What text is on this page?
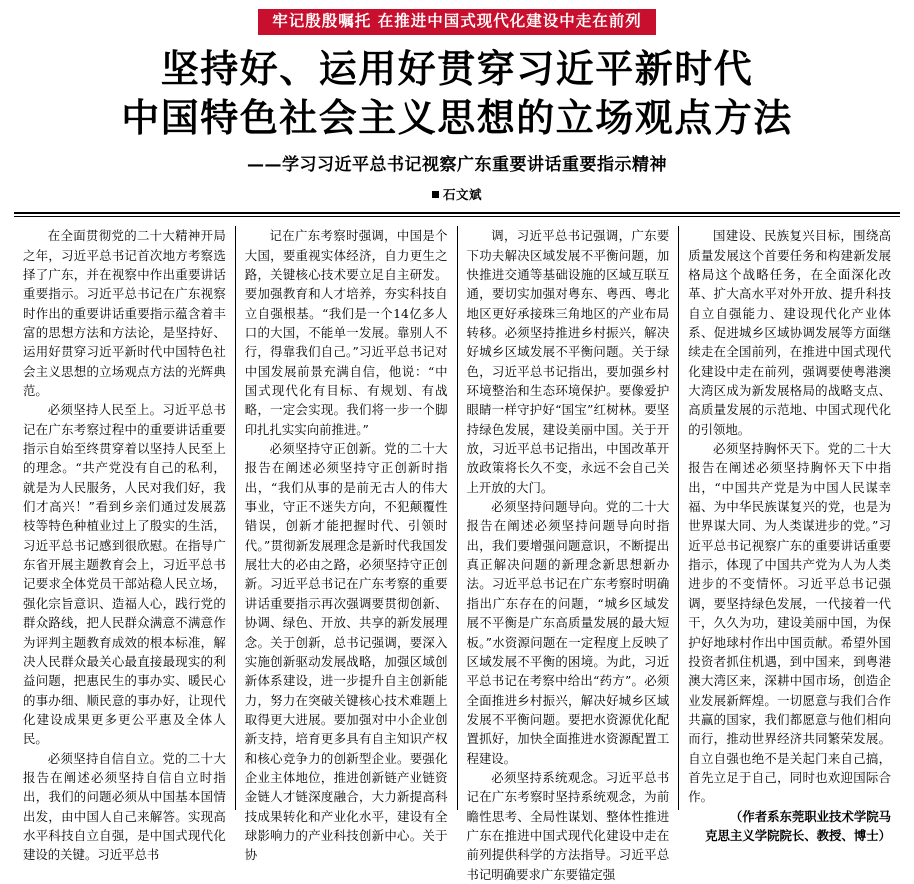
牢记殷殷嘱托 在推进中国式现代化建设中走在前列
坚持好、运用好贯穿习近平新时代
中国特色社会主义思想的立场观点方法
——学习习近平总书记视察广东重要讲话重要指示精神
石文斌

在全面贯彻党的二十大精神开局之年，习近平总书记首次地方考察选择了广东，并在视察中作出重要讲话重要指示。习近平总书记在广东视察时作出的重要讲话重要指示蕴含着丰富的思想方法和方法论，是坚持好、运用好贯穿习近平新时代中国特色社会主义思想的立场观点方法的光辉典范。

必须坚持人民至上。习近平总书记在广东考察过程中的重要讲话重要指示自始至终贯穿着以坚持人民至上的理念。“共产党没有自己的私利，就是为人民服务，人民对我们好，我们才高兴！”看到乡亲们通过发展荔枝等特色种植业过上了殷实的生活，习近平总书记感到很欣慰。在指导广东省开展主题教育会上，习近平总书记要求全体党员干部站稳人民立场，强化宗旨意识、造福人心，践行党的群众路线，把人民群众满意不满意作为评判主题教育成效的根本标准，解决人民群众最关心最直接最现实的利益问题，把惠民生的事办实、暖民心的事办细、顺民意的事办好，让现代化建设成果更多更公平惠及全体人民。

必须坚持自信自立。党的二十大报告在阐述必须坚持自信自立时指出，我们的问题必须从中国基本国情出发，由中国人自己来解答。实现高水平科技自立自强，是中国式现代化建设的关键。习近平总书

记在广东考察时强调，中国是个大国，要重视实体经济，自力更生之路，关键核心技术要立足自主研发。要加强教育和人才培养，夯实科技自立自强根基。“我们是一个14亿多人口的大国，不能单一发展。靠别人不行，得靠我们自己。”习近平总书记对中国发展前景充满自信，他说：“中国式现代化有目标、有规划、有战略，一定会实现。我们将一步一个脚印扎扎实实向前推进。”

必须坚持守正创新。党的二十大报告在阐述必须坚持守正创新时指出，“我们从事的是前无古人的伟大事业，守正不迷失方向，不犯颠覆性错误，创新才能把握时代、引领时代。”贯彻新发展理念是新时代我国发展壮大的必由之路，必须坚持守正创新。习近平总书记在广东考察的重要讲话重要指示再次强调要贯彻创新、协调、绿色、开放、共享的新发展理念。关于创新，总书记强调，要深入实施创新驱动发展战略，加强区域创新体系建设，进一步提升自主创新能力，努力在突破关键核心技术难题上取得更大进展。要加强对中小企业创新支持，培育更多具有自主知识产权和核心竞争力的创新型企业。要强化企业主体地位，推进创新链产业链资金链人才链深度融合，大力新提高科技成果转化和产业化水平，建设有全球影响力的产业科技创新中心。关于协

调，习近平总书记强调，广东要下功夫解决区域发展不平衡问题，加快推进交通等基础设施的区域互联互通，要切实加强对粤东、粤西、粤北地区更好承接珠三角地区的产业布局转移。必须坚持推进乡村振兴，解决好城乡区域发展不平衡问题。关于绿色，习近平总书记指出，要加强乡村环境整治和生态环境保护。要像爱护眼睛一样守护好“国宝”红树林。要坚持绿色发展，建设美丽中国。关于开放，习近平总书记指出，中国改革开放政策将长久不变，永远不会自己关上开放的大门。

必须坚持问题导向。党的二十大报告在阐述必须坚持问题导向时指出，我们要增强问题意识，不断提出真正解决问题的新理念新思想新办法。习近平总书记在广东考察时明确指出广东存在的问题，“城乡区域发展不平衡是广东高质量发展的最大短板。”水资源问题在一定程度上反映了区域发展不平衡的困境。为此，习近平总书记在考察中给出“药方”。必须全面推进乡村振兴，解决好城乡区域发展不平衡问题。要把水资源优化配置抓好，加快全面推进水资源配置工程建设。

必须坚持系统观念。习近平总书记在广东考察时坚持系统观念，为前瞻性思考、全局性谋划、整体性推进广东在推进中国式现代化建设中走在前列提供科学的方法指导。习近平总书记明确要求广东要锚定强

国建设、民族复兴目标，围绕高质量发展这个首要任务和构建新发展格局这个战略任务，在全面深化改革、扩大高水平对外开放、提升科技自立自强能力、建设现代化产业体系、促进城乡区域协调发展等方面继续走在全国前列，在推进中国式现代化建设中走在前列，强调要使粤港澳大湾区成为新发展格局的战略支点、高质量发展的示范地、中国式现代化的引领地。

必须坚持胸怀天下。党的二十大报告在阐述必须坚持胸怀天下中指出，“中国共产党是为中国人民谋幸福、为中华民族谋复兴的党，也是为世界谋大同、为人类谋进步的党。”习近平总书记视察广东的重要讲话重要指示，体现了中国共产党为人为人类进步的不变情怀。习近平总书记强调，要坚持绿色发展，一代接着一代干，久久为功，建设美丽中国，为保护好地球村作出中国贡献。希望外国投资者抓住机遇，到中国来，到粤港澳大湾区来，深耕中国市场，创造企业发展新辉煌。一切愿意与我们合作共赢的国家，我们都愿意与他们相向而行，推动世界经济共同繁荣发展。自立自强也绝不是关起门来自己搞，首先立足于自己，同时也欢迎国际合作。

（作者系东莞职业技术学院马

克思主义学院院长、教授、博士）
